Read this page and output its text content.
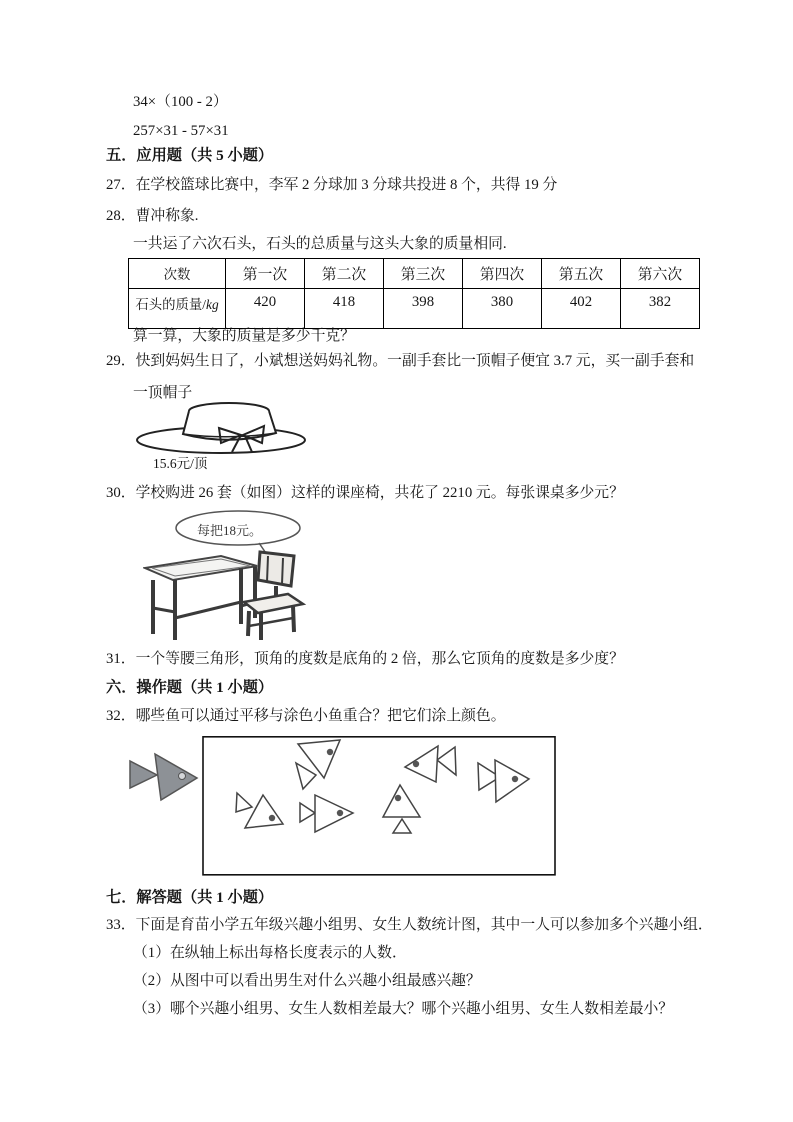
34×（100 - 2）
257×31 - 57×31
五．应用题（共 5 小题）
27．在学校篮球比赛中，李军 2 分球加 3 分球共投进 8 个，共得 19 分
28．曹冲称象.
一共运了六次石头，石头的总质量与这头大象的质量相同.
次数	第一次	第二次	第三次	第四次	第五次	第六次
石头的质量/kg	420	418	398	380	402	382
算一算，大象的质量是多少千克？
29．快到妈妈生日了，小斌想送妈妈礼物。一副手套比一顶帽子便宜 3.7 元，买一副手套和
一顶帽子
15.6元/顶
30．学校购进 26 套（如图）这样的课座椅，共花了 2210 元。每张课桌多少元？
每把18元。
31．一个等腰三角形，顶角的度数是底角的 2 倍，那么它顶角的度数是多少度？
六．操作题（共 1 小题）
32．哪些鱼可以通过平移与涂色小鱼重合？把它们涂上颜色。
七．解答题（共 1 小题）
33．下面是育苗小学五年级兴趣小组男、女生人数统计图，其中一人可以参加多个兴趣小组．
（1）在纵轴上标出每格长度表示的人数．
（2）从图中可以看出男生对什么兴趣小组最感兴趣？
（3）哪个兴趣小组男、女生人数相差最大？哪个兴趣小组男、女生人数相差最小？
